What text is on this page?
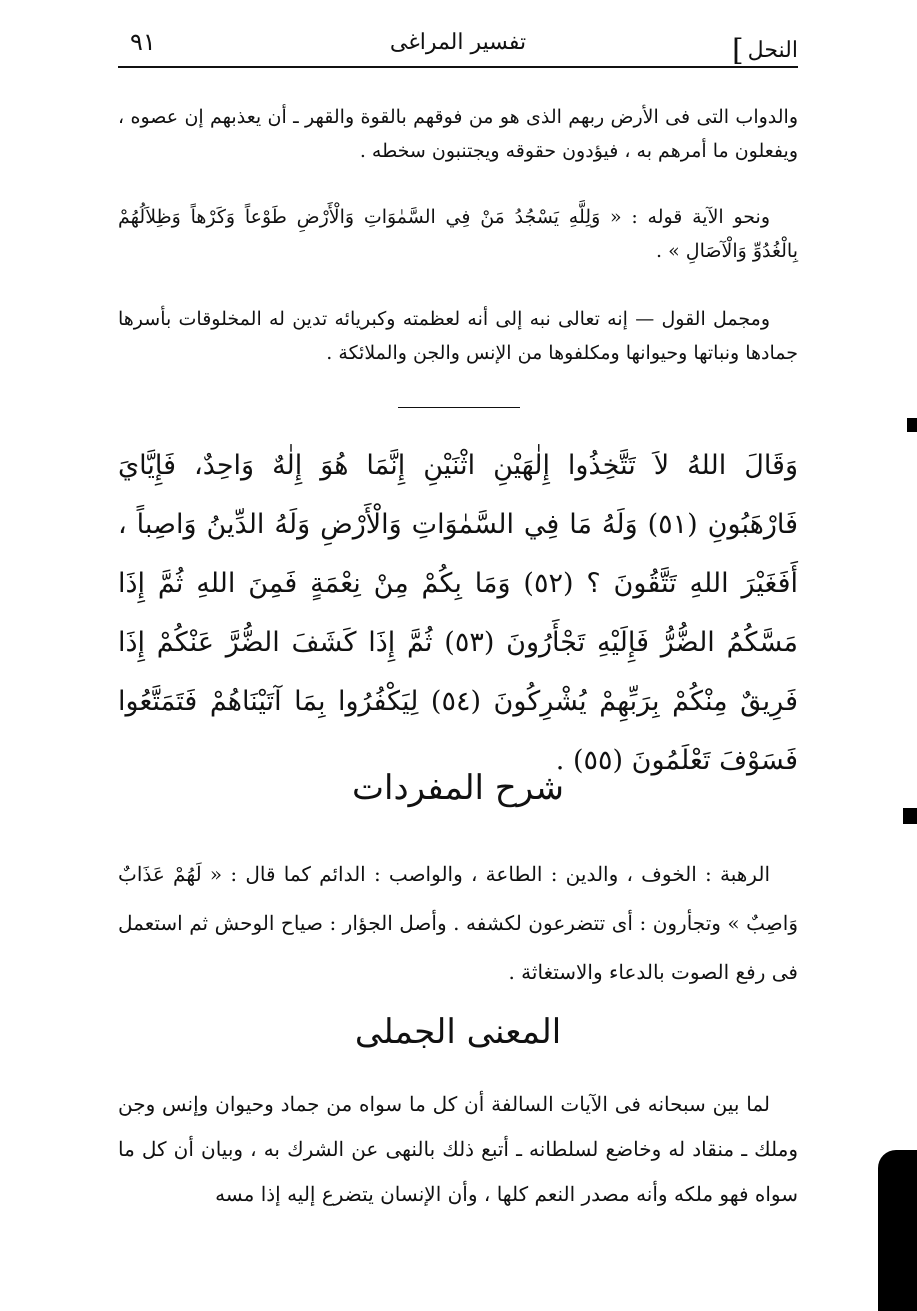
النحل]
تفسير المراغى
٩١
والدواب التى فى الأرض ربهم الذى هو من فوقهم بالقوة والقهر ـ أن يعذبهم إن عصوه ، ويفعلون ما أمرهم به ، فيؤدون حقوقه ويجتنبون سخطه .
ونحو الآية قوله : « وَلِلَّهِ يَسْجُدُ مَنْ فِي السَّمٰوَاتِ وَالْأَرْضِ طَوْعاً وَكَرْهاً وَظِلاَلُهُمْ بِالْغُدُوِّ وَالْآصَالِ » .
ومجمل القول — إنه تعالى نبه إلى أنه لعظمته وكبريائه تدين له المخلوقات بأسرها جمادها ونباتها وحيوانها ومكلفوها من الإنس والجن والملائكة .
وَقَالَ اللهُ لاَ تَتَّخِذُوا إِلٰهَيْنِ اثْنَيْنِ إِنَّمَا هُوَ إِلٰهٌ وَاحِدٌ، فَإِيَّايَ فَارْهَبُونِ (٥١) وَلَهُ مَا فِي السَّمٰوَاتِ وَالْأَرْضِ وَلَهُ الدِّينُ وَاصِباً ، أَفَغَيْرَ اللهِ تَتَّقُونَ ؟ (٥٢) وَمَا بِكُمْ مِنْ نِعْمَةٍ فَمِنَ اللهِ ثُمَّ إِذَا مَسَّكُمُ الضُّرُّ فَإِلَيْهِ تَجْأَرُونَ (٥٣) ثُمَّ إِذَا كَشَفَ الضُّرَّ عَنْكُمْ إِذَا فَرِيقٌ مِنْكُمْ بِرَبِّهِمْ يُشْرِكُونَ (٥٤) لِيَكْفُرُوا بِمَا آتَيْنَاهُمْ فَتَمَتَّعُوا فَسَوْفَ تَعْلَمُونَ (٥٥) .
شرح المفردات
الرهبة : الخوف ، والدين : الطاعة ، والواصب : الدائم كما قال : « لَهُمْ عَذَابٌ وَاصِبٌ » وتجأرون : أى تتضرعون لكشفه . وأصل الجؤار : صياح الوحش ثم استعمل فى رفع الصوت بالدعاء والاستغاثة .
المعنى الجملى
لما بين سبحانه فى الآيات السالفة أن كل ما سواه من جماد وحيوان وإنس وجن وملك ـ منقاد له وخاضع لسلطانه ـ أتبع ذلك بالنهى عن الشرك به ، وبيان أن كل ما سواه فهو ملكه وأنه مصدر النعم كلها ، وأن الإنسان يتضرع إليه إذا مسه
